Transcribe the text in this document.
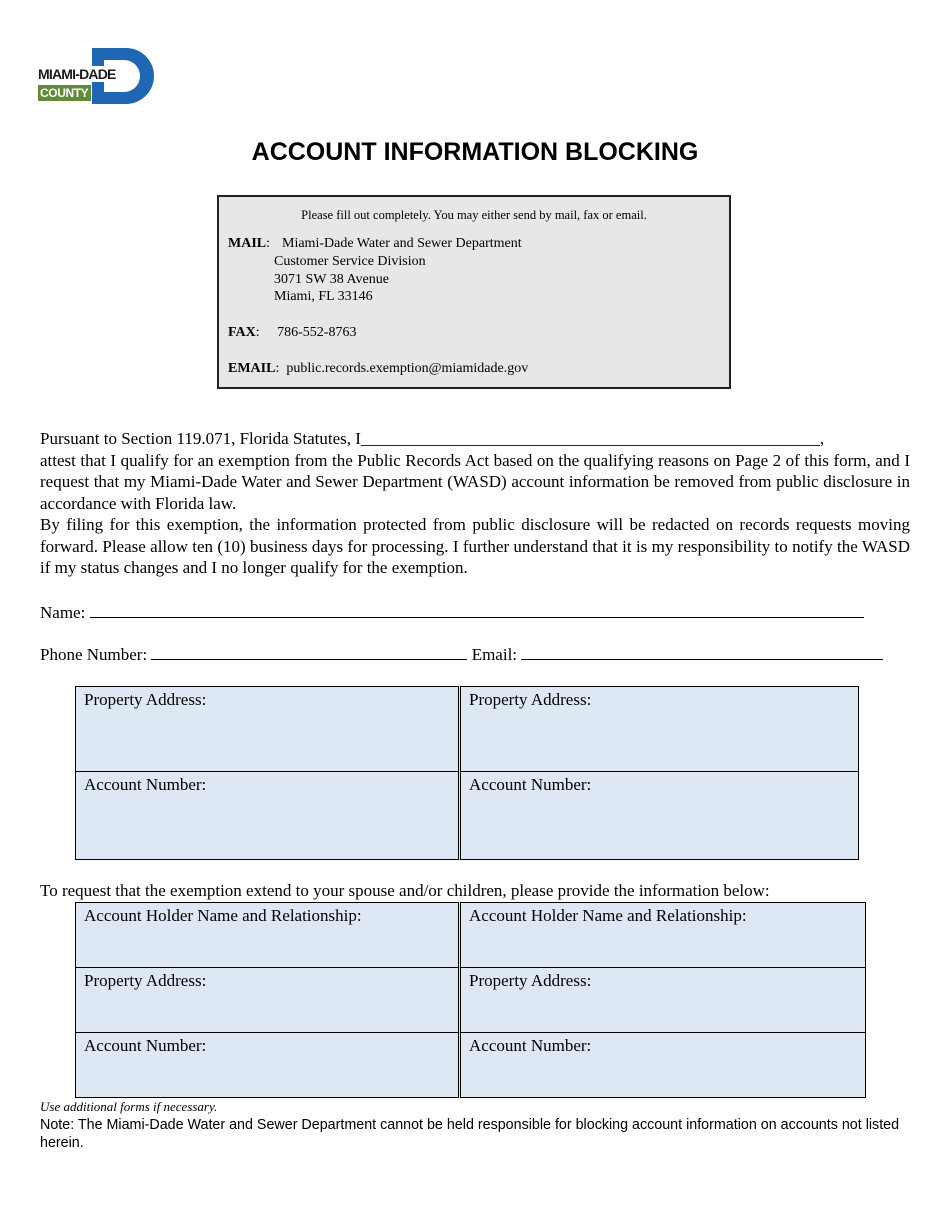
MIAMI-DADE
COUNTY
ACCOUNT INFORMATION BLOCKING
Please fill out completely. You may either send by mail, fax or email.
MAIL: Miami-Dade Water and Sewer Department
Customer Service Division
3071 SW 38 Avenue
Miami, FL 33146
FAX:     786-552-8763
EMAIL:  public.records.exemption@miamidade.gov

Pursuant to Section 119.071, Florida Statutes, I______________________________________________________,

attest that I qualify for an exemption from the Public Records Act based on the qualifying reasons on Page 2 of this form, and I request that my Miami-Dade Water and Sewer Department (WASD) account information be removed from public disclosure in accordance with Florida law.

By filing for this exemption, the information protected from public disclosure will be redacted on records requests moving forward. Please allow ten (10) business days for processing. I further understand that it is my responsibility to notify the WASD if my status changes and I no longer qualify for the exemption.

Name:
Phone Number:	Email:
Property Address:	Property Address:
Account Number:	Account Number:
To request that the exemption extend to your spouse and/or children, please provide the information below:
Account Holder Name and Relationship:	Account Holder Name and Relationship:
Property Address:	Property Address:
Account Number:	Account Number:
Use additional forms if necessary.
Note: The Miami-Dade Water and Sewer Department cannot be held responsible for blocking account information on accounts not listed herein.
